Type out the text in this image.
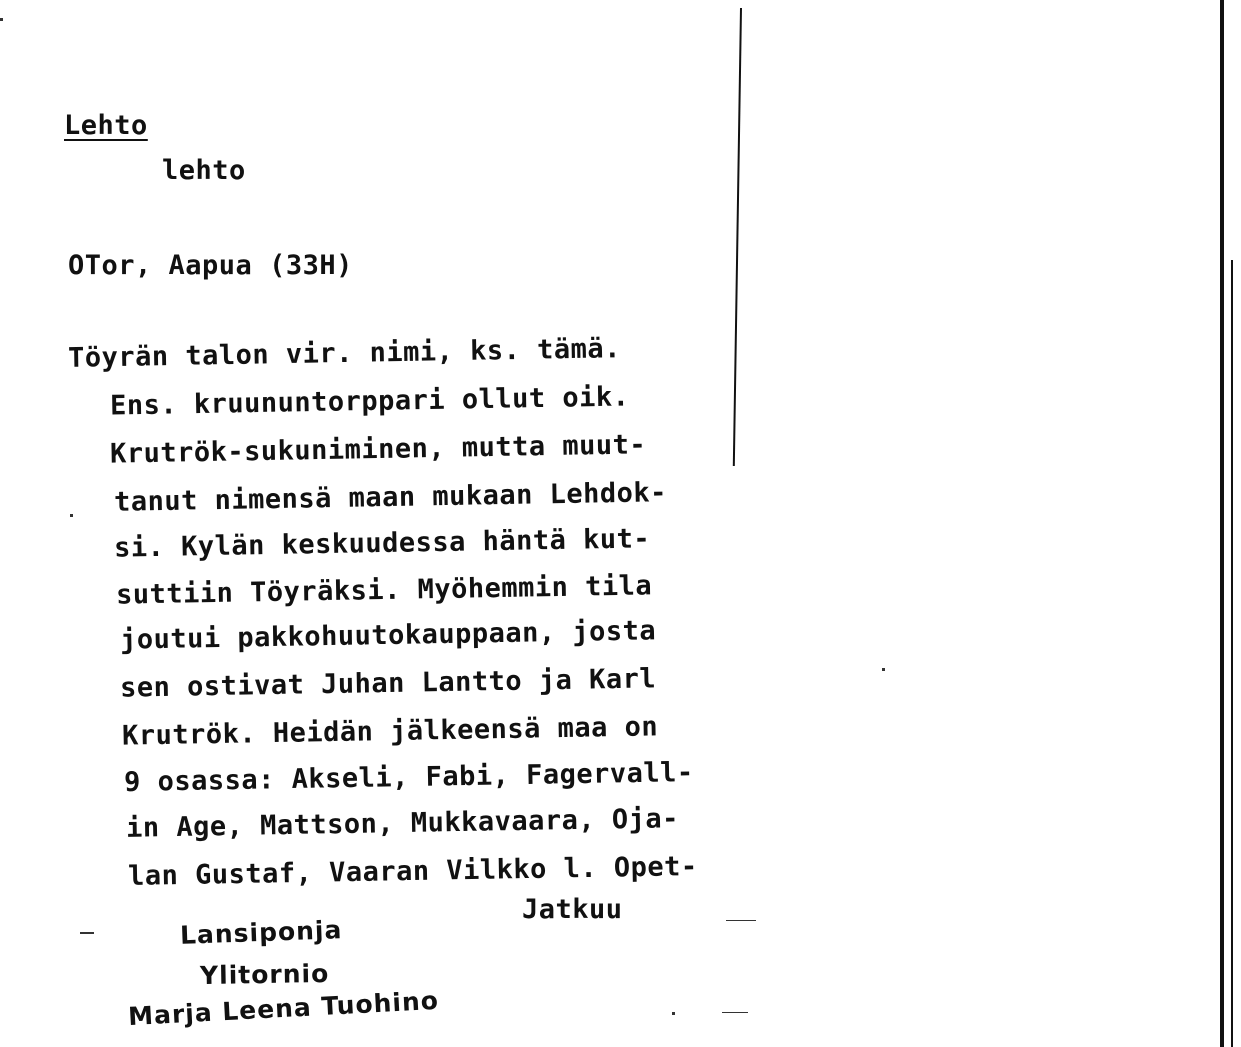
Lehto
lehto
OTor, Aapua (33H)
Töyrän talon vir. nimi, ks. tämä.
Ens. kruununtorppari ollut oik.
Krutrök-sukuniminen, mutta muut-
tanut nimensä maan mukaan Lehdok-
si. Kylän keskuudessa häntä kut-
suttiin Töyräksi. Myöhemmin tila
joutui pakkohuutokauppaan, josta
sen ostivat Juhan Lantto ja Karl
Krutrök. Heidän jälkeensä maa on
9 osassa: Akseli, Fabi, Fagervall-
in Age, Mattson, Mukkavaara, Oja-
lan Gustaf, Vaaran Vilkko l. Opet-
Jatkuu
Lansiponja
Ylitornio
Marja Leena Tuohino
